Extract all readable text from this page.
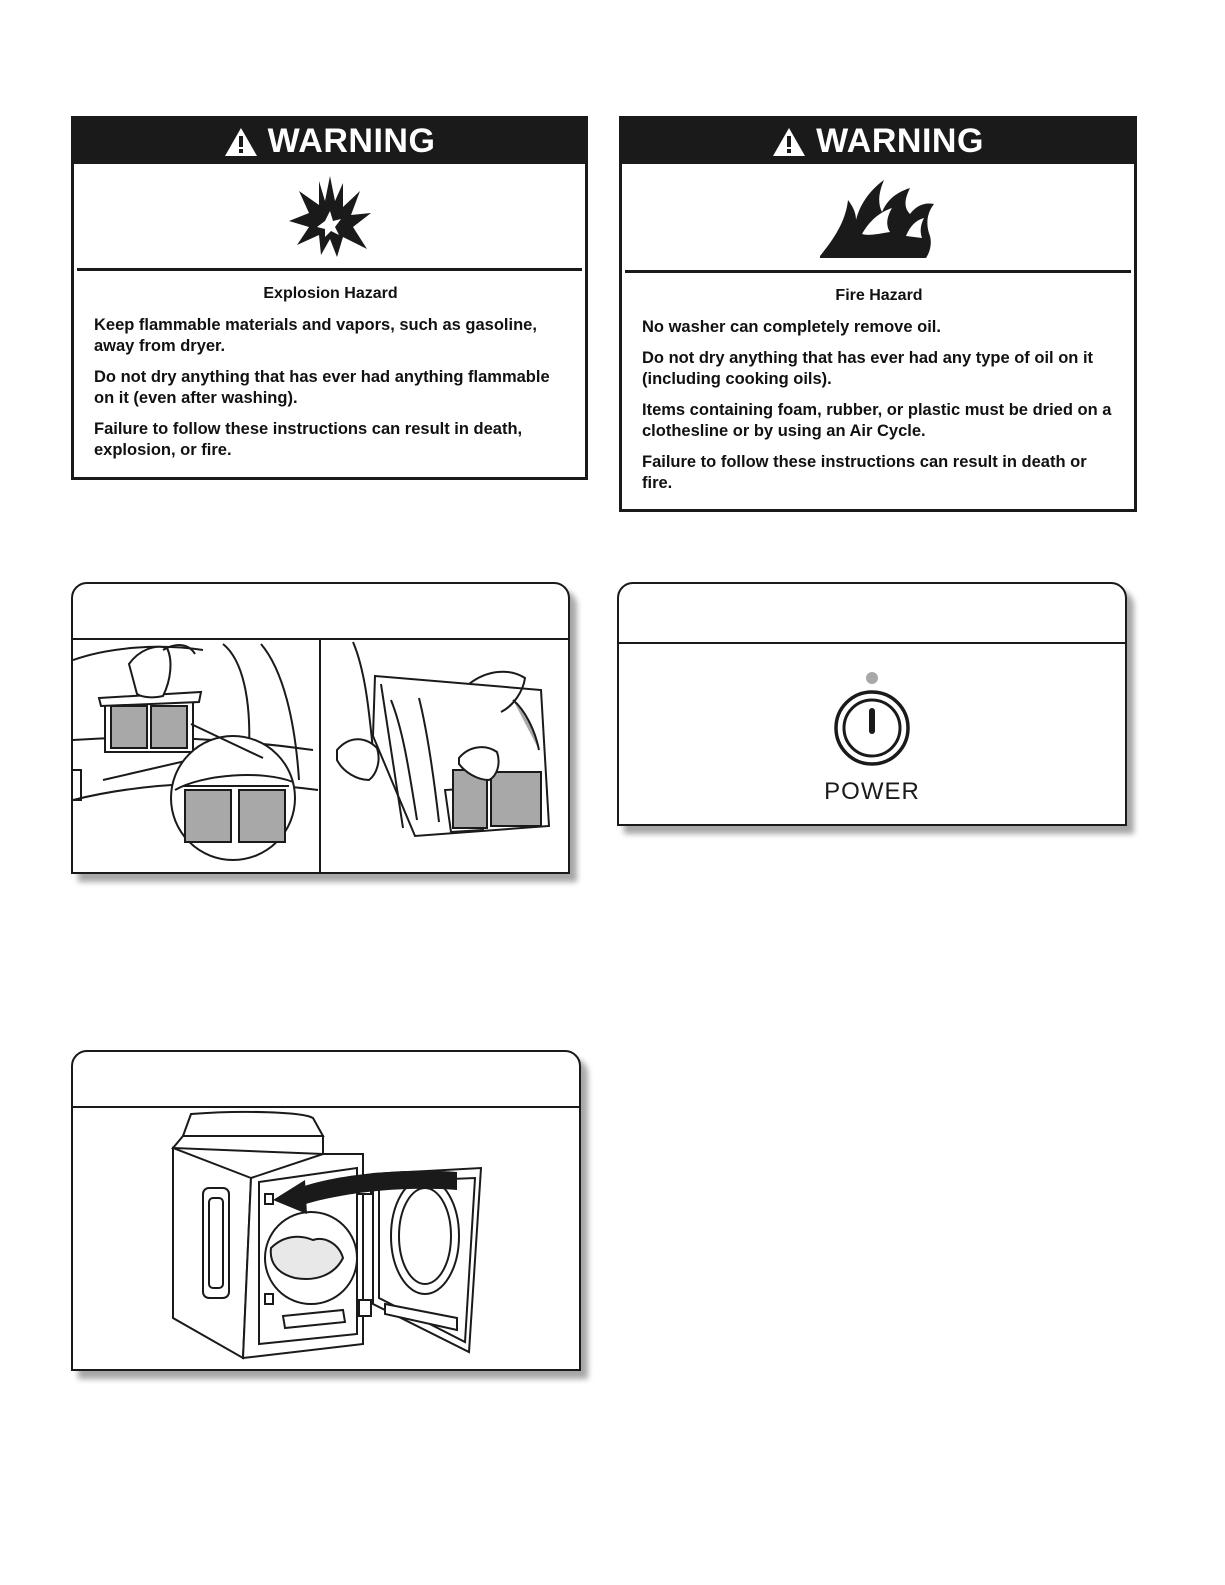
WARNING
Explosion Hazard

Keep flammable materials and vapors, such as gasoline, away from dryer.

Do not dry anything that has ever had anything flammable on it (even after washing).

Failure to follow these instructions can result in death, explosion, or fire.

WARNING
Fire Hazard

No washer can completely remove oil.

Do not dry anything that has ever had any type of oil on it (including cooking oils).

Items containing foam, rubber, or plastic must be dried on a clothesline or by using an Air Cycle.

Failure to follow these instructions can result in death or fire.

POWER
